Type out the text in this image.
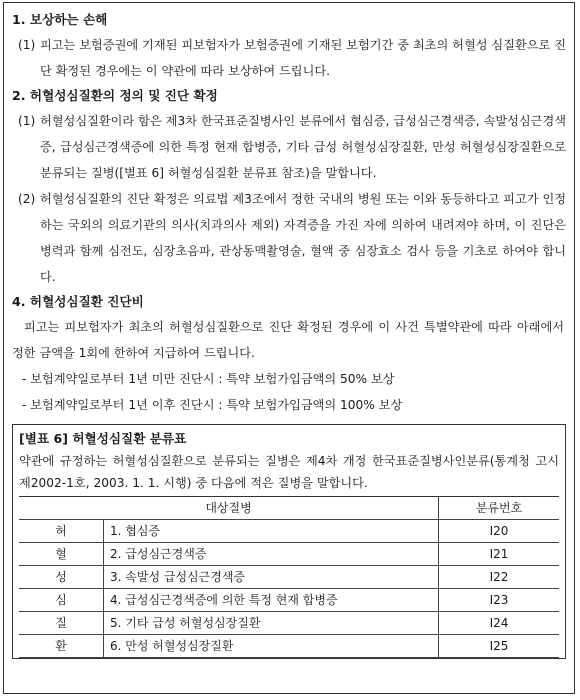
1. 보상하는 손해
(1) 피고는 보험증권에 기재된 피보험자가 보험증권에 기재된 보험기간 중 최초의 허혈성 심질환으로 진단 확정된 경우에는 이 약관에 따라 보상하여 드립니다.
2. 허혈성심질환의 정의 및 진단 확정
(1) 허혈성심질환이라 함은 제3차 한국표준질병사인 분류에서 협심증, 급성심근경색증, 속발성심근경색증, 급성심근경색증에 의한 특정 현재 합병증, 기타 급성 허혈성심장질환, 만성 허혈성심장질환으로 분류되는 질병([별표 6] 허혈성심질환 분류표 참조)을 말합니다.
(2) 허혈성심질환의 진단 확정은 의료법 제3조에서 정한 국내의 병원 또는 이와 동등하다고 피고가 인정하는 국외의 의료기관의 의사(치과의사 제외) 자격증을 가진 자에 의하여 내려져야 하며, 이 진단은 병력과 함께 심전도, 심장초음파, 관상동맥촬영술, 혈액 중 심장효소 검사 등을 기초로 하여야 합니다.
4. 허혈성심질환 진단비
피고는 피보험자가 최초의 허혈성심질환으로 진단 확정된 경우에 이 사건 특별약관에 따라 아래에서 정한 금액을 1회에 한하여 지급하여 드립니다.
- 보험계약일로부터 1년 미만 진단시 : 특약 보험가입금액의 50% 보상
- 보험계약일로부터 1년 이후 진단시 : 특약 보험가입금액의 100% 보상
[별표 6] 허혈성심질환 분류표
약관에 규정하는 허혈성심질환으로 분류되는 질병은 제4차 개정 한국표준질병사인분류(통계청 고시 제2002-1호, 2003. 1. 1. 시행) 중 다음에 적은 질병을 말합니다.
대상질병		분류번호
허	1. 협심증	I20
혈	2. 급성심근경색증	I21
성	3. 속발성 급성심근경색증	I22
심	4. 급성심근경색증에 의한 특정 현재 합병증	I23
질	5. 기타 급성 허혈성심장질환	I24
환	6. 만성 허혈성심장질환	I25
